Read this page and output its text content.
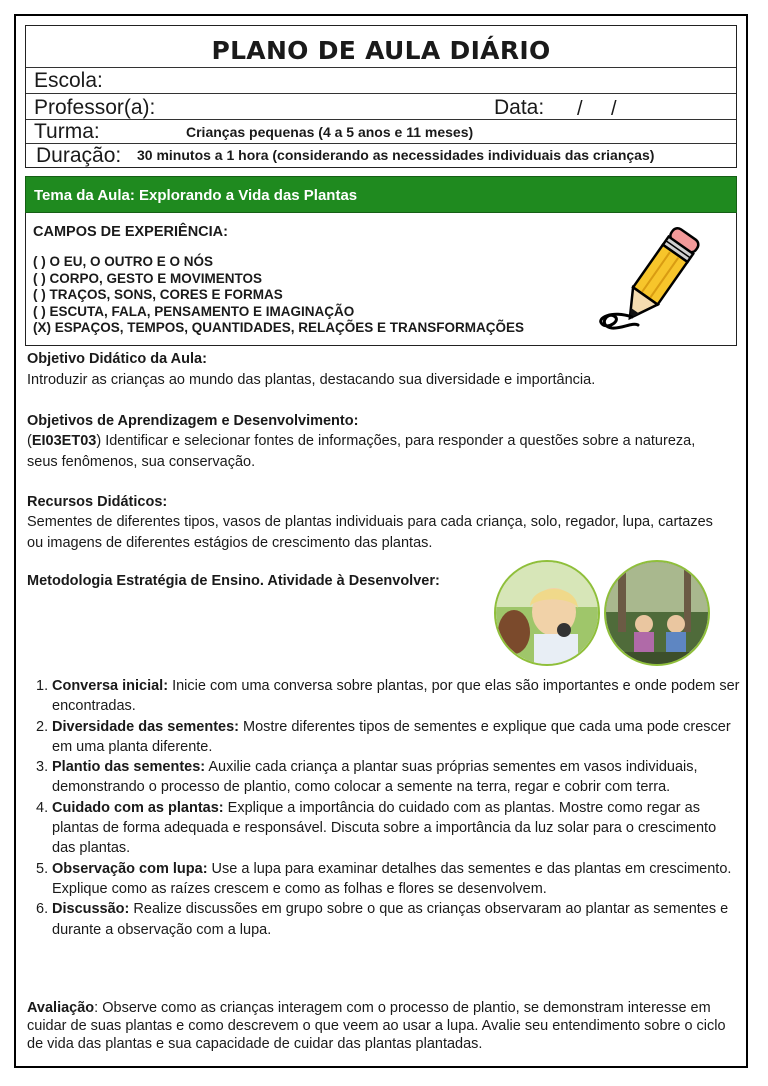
PLANO DE AULA DIÁRIO
Escola:
Professor(a):	Data: / /
Turma:	Crianças pequenas (4 a 5 anos e 11 meses)
Duração: 30 minutos a 1 hora (considerando as necessidades individuais das crianças)
Tema da Aula: Explorando a Vida das Plantas
CAMPOS DE EXPERIÊNCIA:
( ) O EU, O OUTRO E O NÓS
( ) CORPO, GESTO E MOVIMENTOS
( ) TRAÇOS, SONS, CORES E FORMAS
( ) ESCUTA, FALA, PENSAMENTO E IMAGINAÇÃO
(X) ESPAÇOS, TEMPOS, QUANTIDADES, RELAÇÕES E TRANSFORMAÇÕES
Objetivo Didático da Aula:

Introduzir as crianças ao mundo das plantas, destacando sua diversidade e importância.

Objetivos de Aprendizagem e Desenvolvimento:

(EI03ET03) Identificar e selecionar fontes de informações, para responder a questões sobre a natureza, seus fenômenos, sua conservação.

Recursos Didáticos:

Sementes de diferentes tipos, vasos de plantas individuais para cada criança, solo, regador, lupa, cartazes ou imagens de diferentes estágios de crescimento das plantas.

Metodologia Estratégia de Ensino. Atividade à Desenvolver:
1. Conversa inicial: Inicie com uma conversa sobre plantas, por que elas são importantes e onde podem ser encontradas.
2. Diversidade das sementes: Mostre diferentes tipos de sementes e explique que cada uma pode crescer em uma planta diferente.
3. Plantio das sementes: Auxilie cada criança a plantar suas próprias sementes em vasos individuais, demonstrando o processo de plantio, como colocar a semente na terra, regar e cobrir com terra.
4. Cuidado com as plantas: Explique a importância do cuidado com as plantas. Mostre como regar as plantas de forma adequada e responsável. Discuta sobre a importância da luz solar para o crescimento das plantas.
5. Observação com lupa: Use a lupa para examinar detalhes das sementes e das plantas em crescimento. Explique como as raízes crescem e como as folhas e flores se desenvolvem.
6. Discussão: Realize discussões em grupo sobre o que as crianças observaram ao plantar as sementes e durante a observação com a lupa.

Avaliação: Observe como as crianças interagem com o processo de plantio, se demonstram interesse em cuidar de suas plantas e como descrevem o que veem ao usar a lupa. Avalie seu entendimento sobre o ciclo de vida das plantas e sua capacidade de cuidar das plantas plantadas.
